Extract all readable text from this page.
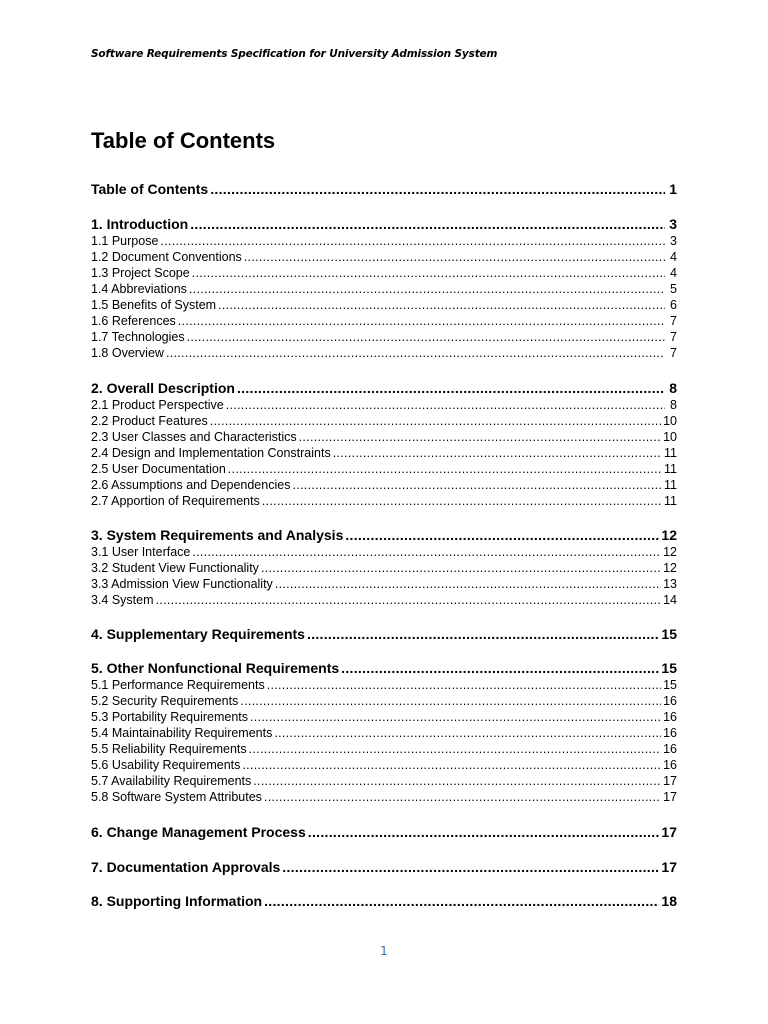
Software Requirements Specification for University Admission System
Table of Contents
Table of Contents .....	1
1. Introduction .....	3
1.1 Purpose .....	3
1.2 Document Conventions .....	4
1.3 Project Scope .....	4
1.4 Abbreviations .....	5
1.5 Benefits of System .....	6
1.6 References .....	7
1.7 Technologies .....	7
1.8 Overview .....	7
2. Overall Description .....	8
2.1 Product Perspective .....	8
2.2 Product Features .....	10
2.3 User Classes and Characteristics .....	10
2.4 Design and Implementation Constraints .....	11
2.5 User Documentation .....	11
2.6 Assumptions and Dependencies .....	11
2.7 Apportion of Requirements .....	11
3. System Requirements and Analysis .....	12
3.1 User Interface .....	12
3.2 Student View Functionality .....	12
3.3 Admission View Functionality .....	13
3.4 System .....	14
4. Supplementary Requirements .....	15
5. Other Nonfunctional Requirements .....	15
5.1 Performance Requirements .....	15
5.2 Security Requirements .....	16
5.3 Portability Requirements .....	16
5.4 Maintainability Requirements .....	16
5.5 Reliability Requirements .....	16
5.6 Usability Requirements .....	16
5.7 Availability Requirements .....	17
5.8 Software System Attributes .....	17
6. Change Management Process .....	17
7. Documentation Approvals .....	17
8. Supporting Information .....	18
1
